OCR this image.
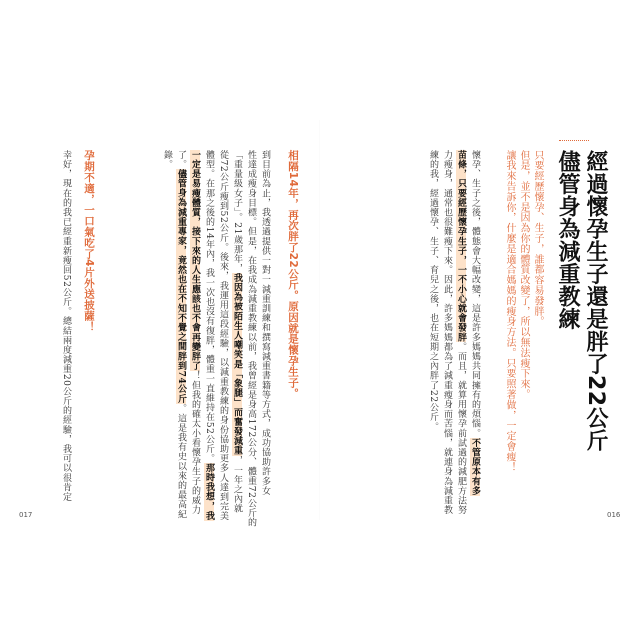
儘管身為減重教練 經過懷孕生子還是胖了22公斤
只要經歷懷孕、生子，誰都容易發胖。
但是，並不是因為你的體質改變了，所以無法瘦下來。
讓我來告訴你，什麼是適合媽媽的瘦身方法。只要照著做，一定會瘦！
懷孕、生子之後，體態會大幅改變，這是許多媽媽共同擁有的煩惱。不管原本有多
苗條，只要經歷懷孕生子，一不小心就會發胖。而且，就算用懷孕前試過的減肥方法努
力瘦身，通常也很難瘦下來。因此，許多媽媽都為了減重瘦身而苦惱，就連身為減重教
練的我，經過懷孕、生子、育兒之後，也在短期之內胖了22公斤。
016
相隔14年，再次胖了22公斤。原因就是懷孕生子。
到目前為止，我透過提供一對一減重訓練和撰寫減重書籍等方式，成功協助許多女
性達成瘦身目標。但是，在我成為減重教練以前，我曾經是身高172公分、體重72公斤的
「重量級女子」。21歲那年，我因為被陌生人嘲笑是「象腿」而奮發減重，一年之內就
從72公斤瘦到52公斤。後來，我運用這段經驗，以減重教練的身份協助更多人達到完美
體型。在那之後的14年內，我一次也沒有復胖，體重一直維持在52公斤。那時我想，我
一定是易瘦體質，接下來的人生應該也不會再變胖了！但我的確太小看懷孕生子的威力
了。儘管身為減重專家，竟然也在不知不覺之間胖到74公斤。這是我有史以來的最高紀
錄。
孕期不適，一口氣吃了4片外送披薩！
幸好，現在的我已經重新瘦回52公斤。總結兩度減重20公斤的經驗，我可以很肯定
017
